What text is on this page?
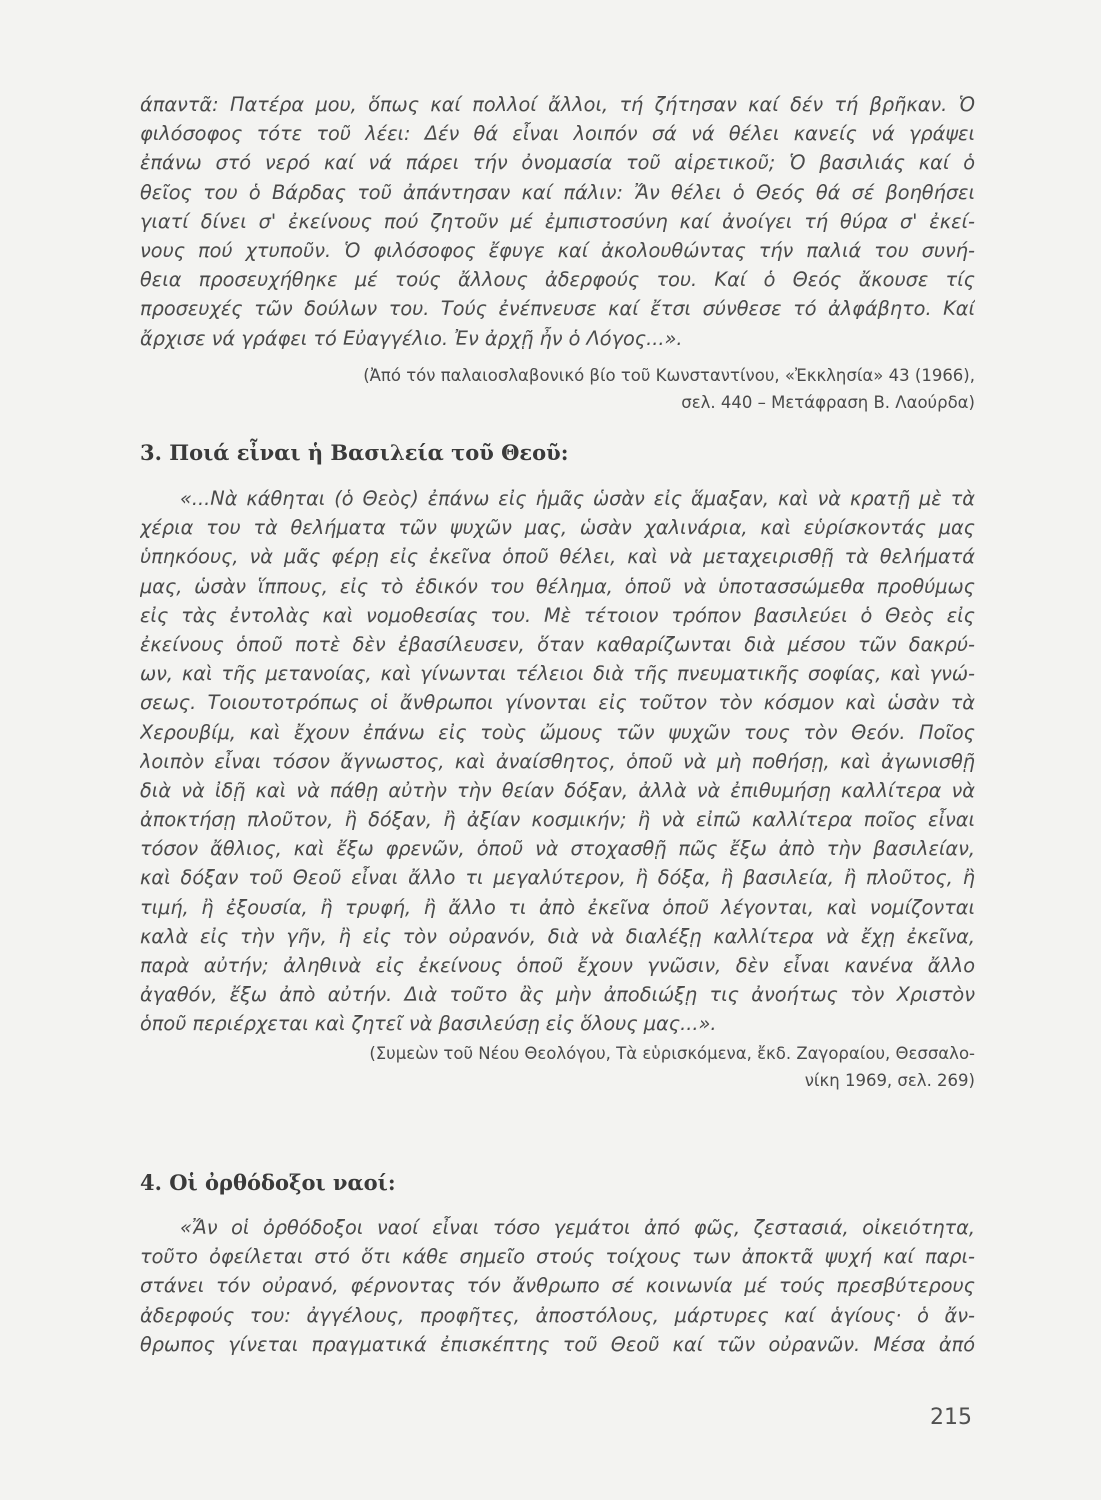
άπαντᾶ: Πατέρα μου, ὅπως καί πολλοί ἄλλοι, τή ζήτησαν καί δέν τή βρῆκαν. Ὁ
φιλόσοφος τότε τοῦ λέει: Δέν θά εἶναι λοιπόν σά νά θέλει κανείς νά γράψει
ἐπάνω στό νερό καί νά πάρει τήν ὀνομασία τοῦ αἱρετικοῦ; Ὁ βασιλιάς καί ὁ
θεῖος του ὁ Βάρδας τοῦ ἀπάντησαν καί πάλιν: Ἄν θέλει ὁ Θεός θά σέ βοηθήσει
γιατί δίνει σ' ἐκείνους πού ζητοῦν μέ ἐμπιστοσύνη καί ἀνοίγει τή θύρα σ' ἐκεί-
νους πού χτυποῦν. Ὁ φιλόσοφος ἔφυγε καί ἀκολουθώντας τήν παλιά του συνή-
θεια προσευχήθηκε μέ τούς ἄλλους ἀδερφούς του. Καί ὁ Θεός ἄκουσε τίς
προσευχές τῶν δούλων του. Τούς ἐνέπνευσε καί ἔτσι σύνθεσε τό ἀλφάβητο. Καί
ἄρχισε νά γράφει τό Εὐαγγέλιο. Ἐν ἀρχῇ ἦν ὁ Λόγος...».
(Ἀπό τόν παλαιοσλαβονικό βίο τοῦ Κωνσταντίνου, «Ἐκκλησία» 43 (1966),
σελ. 440 – Μετάφραση Β. Λαούρδα)
3. Ποιά εἶναι ἡ Βασιλεία τοῦ Θεοῦ:
«...Νὰ κάθηται (ὁ Θεὸς) ἐπάνω εἰς ἡμᾶς ὡσὰν εἰς ἅμαξαν, καὶ νὰ κρατῇ μὲ τὰ
χέρια του τὰ θελήματα τῶν ψυχῶν μας, ὡσὰν χαλινάρια, καὶ εὑρίσκοντάς μας
ὑπηκόους, νὰ μᾶς φέρῃ εἰς ἐκεῖνα ὁποῦ θέλει, καὶ νὰ μεταχειρισθῇ τὰ θελήματά
μας, ὡσὰν ἵππους, εἰς τὸ ἐδικόν του θέλημα, ὁποῦ νὰ ὑποτασσώμεθα προθύμως
εἰς τὰς ἐντολὰς καὶ νομοθεσίας του. Μὲ τέτοιον τρόπον βασιλεύει ὁ Θεὸς εἰς
ἐκείνους ὁποῦ ποτὲ δὲν ἐβασίλευσεν, ὅταν καθαρίζωνται διὰ μέσου τῶν δακρύ-
ων, καὶ τῆς μετανοίας, καὶ γίνωνται τέλειοι διὰ τῆς πνευματικῆς σοφίας, καὶ γνώ-
σεως. Τοιουτοτρόπως οἱ ἄνθρωποι γίνονται εἰς τοῦτον τὸν κόσμον καὶ ὡσὰν τὰ
Χερουβίμ, καὶ ἔχουν ἐπάνω εἰς τοὺς ὤμους τῶν ψυχῶν τους τὸν Θεόν. Ποῖος
λοιπὸν εἶναι τόσον ἄγνωστος, καὶ ἀναίσθητος, ὁποῦ νὰ μὴ ποθήσῃ, καὶ ἀγωνισθῇ
διὰ νὰ ἰδῇ καὶ νὰ πάθῃ αὐτὴν τὴν θείαν δόξαν, ἀλλὰ νὰ ἐπιθυμήσῃ καλλίτερα νὰ
ἀποκτήσῃ πλοῦτον, ἢ δόξαν, ἢ ἀξίαν κοσμικήν; ἢ νὰ εἰπῶ καλλίτερα ποῖος εἶναι
τόσον ἄθλιος, καὶ ἔξω φρενῶν, ὁποῦ νὰ στοχασθῇ πῶς ἔξω ἀπὸ τὴν βασιλείαν,
καὶ δόξαν τοῦ Θεοῦ εἶναι ἄλλο τι μεγαλύτερον, ἢ δόξα, ἢ βασιλεία, ἢ πλοῦτος, ἢ
τιμή, ἢ ἐξουσία, ἢ τρυφή, ἢ ἄλλο τι ἀπὸ ἐκεῖνα ὁποῦ λέγονται, καὶ νομίζονται
καλὰ εἰς τὴν γῆν, ἢ εἰς τὸν οὐρανόν, διὰ νὰ διαλέξῃ καλλίτερα νὰ ἔχῃ ἐκεῖνα,
παρὰ αὐτήν; ἀληθινὰ εἰς ἐκείνους ὁποῦ ἔχουν γνῶσιν, δὲν εἶναι κανένα ἄλλο
ἀγαθόν, ἔξω ἀπὸ αὐτήν. Διὰ τοῦτο ἂς μὴν ἀποδιώξῃ τις ἀνοήτως τὸν Χριστὸν
ὁποῦ περιέρχεται καὶ ζητεῖ νὰ βασιλεύσῃ εἰς ὅλους μας...».
(Συμεὼν τοῦ Νέου Θεολόγου, Τὰ εὑρισκόμενα, ἔκδ. Ζαγοραίου, Θεσσαλο-
νίκη 1969, σελ. 269)
4. Οἱ ὀρθόδοξοι ναοί:
«Ἄν οἱ ὀρθόδοξοι ναοί εἶναι τόσο γεμάτοι ἀπό φῶς, ζεστασιά, οἰκειότητα,
τοῦτο ὀφείλεται στό ὅτι κάθε σημεῖο στούς τοίχους των ἀποκτᾶ ψυχή καί παρι-
στάνει τόν οὐρανό, φέρνοντας τόν ἄνθρωπο σέ κοινωνία μέ τούς πρεσβύτερους
ἀδερφούς του: ἀγγέλους, προφῆτες, ἀποστόλους, μάρτυρες καί ἁγίους· ὁ ἄν-
θρωπος γίνεται πραγματικά ἐπισκέπτης τοῦ Θεοῦ καί τῶν οὐρανῶν. Μέσα ἀπό
215
